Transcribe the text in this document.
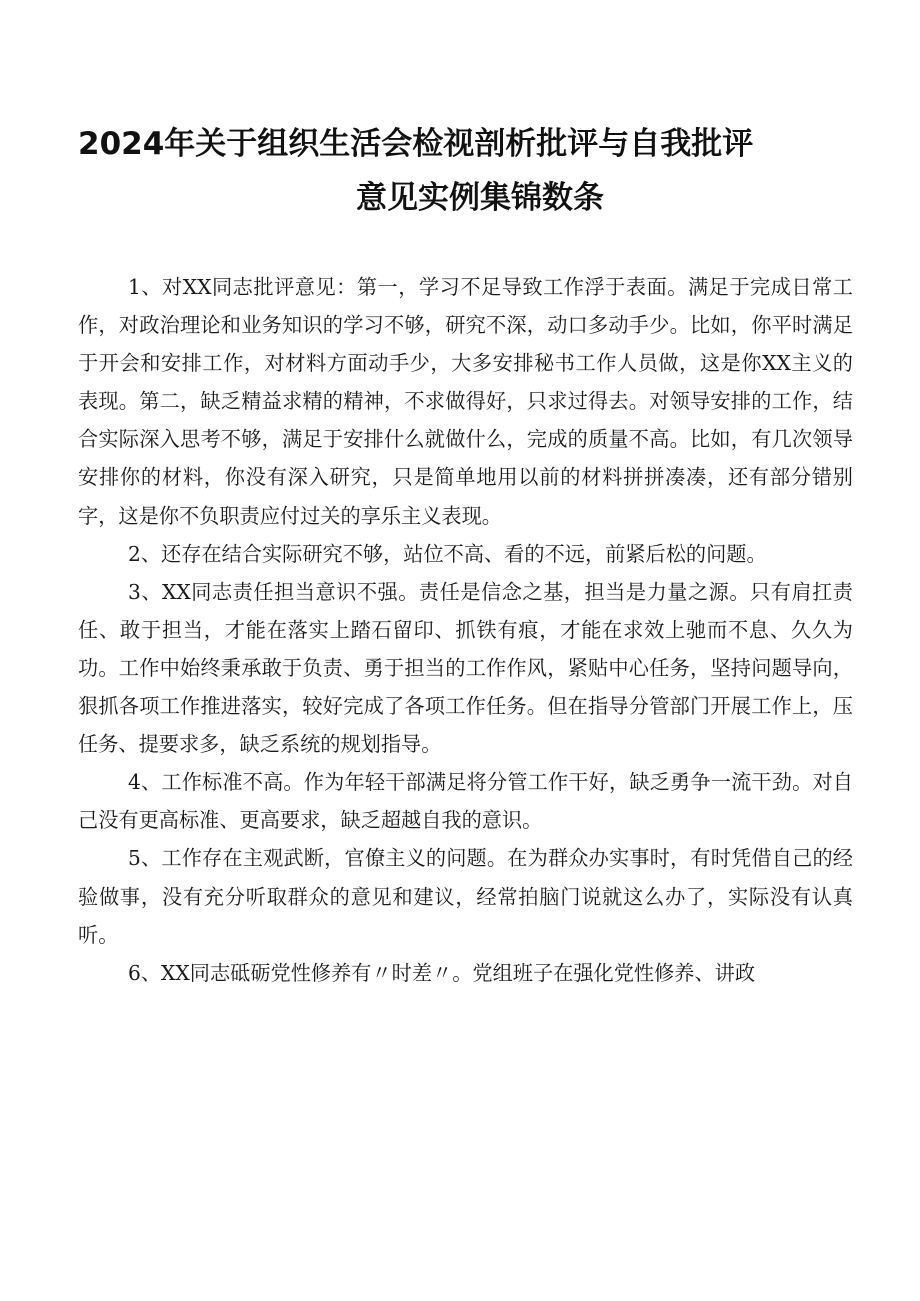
2024年关于组织生活会检视剖析批评与自我批评
意见实例集锦数条

1、对XX同志批评意见：第一，学习不足导致工作浮于表面。满足于完成日常工作，对政治理论和业务知识的学习不够，研究不深，动口多动手少。比如，你平时满足于开会和安排工作，对材料方面动手少，大多安排秘书工作人员做，这是你XX主义的表现。第二，缺乏精益求精的精神，不求做得好，只求过得去。对领导安排的工作，结合实际深入思考不够，满足于安排什么就做什么，完成的质量不高。比如，有几次领导安排你的材料，你没有深入研究，只是简单地用以前的材料拼拼凑凑，还有部分错别字，这是你不负职责应付过关的享乐主义表现。

2、还存在结合实际研究不够，站位不高、看的不远，前紧后松的问题。

3、XX同志责任担当意识不强。责任是信念之基，担当是力量之源。只有肩扛责任、敢于担当，才能在落实上踏石留印、抓铁有痕，才能在求效上驰而不息、久久为功。工作中始终秉承敢于负责、勇于担当的工作作风，紧贴中心任务，坚持问题导向，狠抓各项工作推进落实，较好完成了各项工作任务。但在指导分管部门开展工作上，压任务、提要求多，缺乏系统的规划指导。

4、工作标准不高。作为年轻干部满足将分管工作干好，缺乏勇争一流干劲。对自己没有更高标准、更高要求，缺乏超越自我的意识。

5、工作存在主观武断，官僚主义的问题。在为群众办实事时，有时凭借自己的经验做事，没有充分听取群众的意见和建议，经常拍脑门说就这么办了，实际没有认真听。

6、XX同志砥砺党性修养有〃时差〃。党组班子在强化党性修养、讲政
